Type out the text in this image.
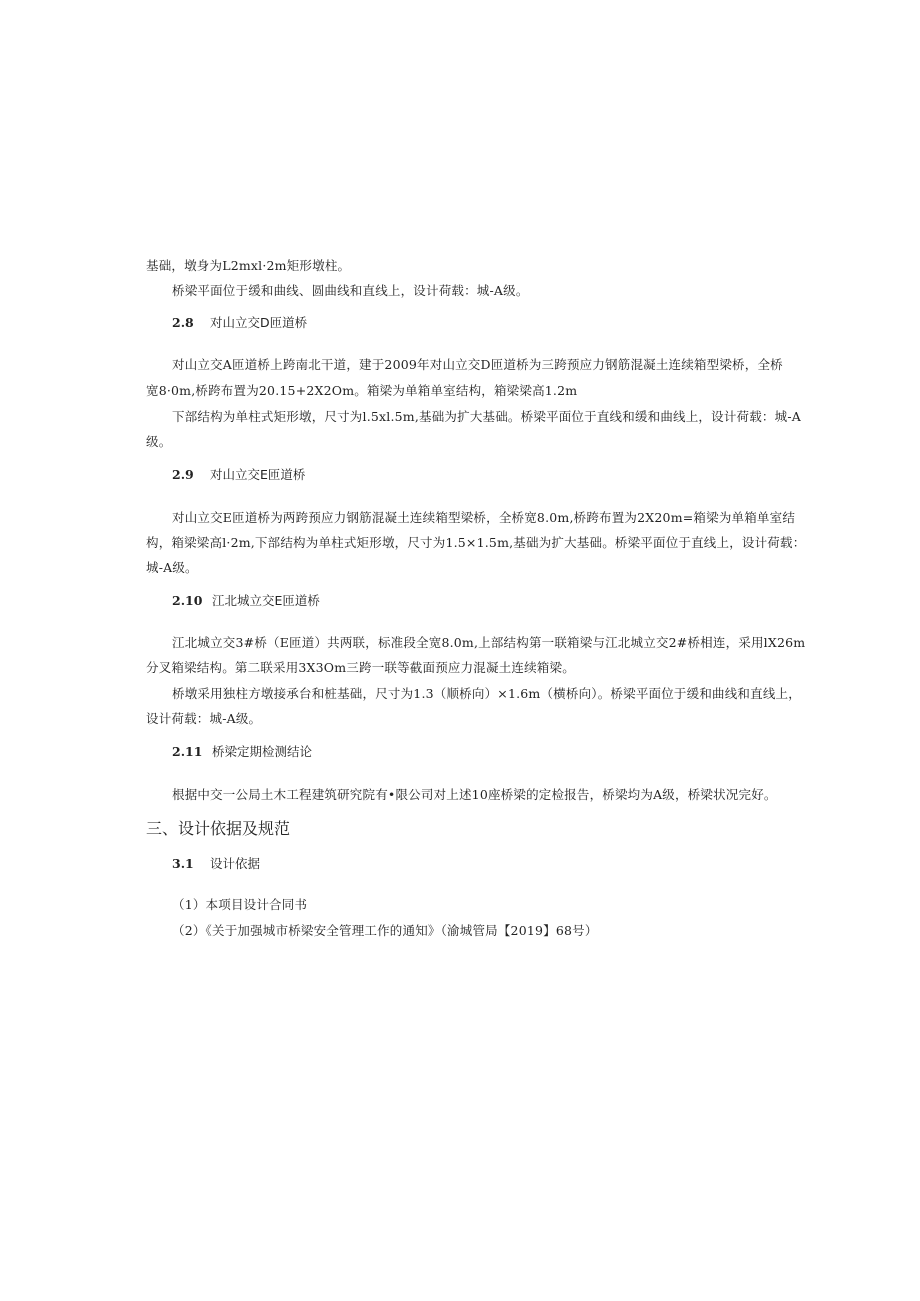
基础，墩身为L2mxl·2m矩形墩柱。
桥梁平面位于缓和曲线、圆曲线和直线上，设计荷载：城-A级。
2.8 对山立交D匝道桥
对山立交A匝道桥上跨南北干道，建于2009年对山立交D匝道桥为三跨预应力钢筋混凝土连续箱型梁桥，全桥
宽8·0m,桥跨布置为20.15+2X2Om。箱梁为单箱单室结构，箱梁梁高1.2m
下部结构为单柱式矩形墩，尺寸为l.5xl.5m,基础为扩大基础。桥梁平面位于直线和缓和曲线上，设计荷载：城-A
级。
2.9 对山立交E匝道桥
对山立交E匝道桥为两跨预应力钢筋混凝土连续箱型梁桥，全桥宽8.0m,桥跨布置为2X20m=箱梁为单箱单室结
构，箱梁梁高l·2m,下部结构为单柱式矩形墩，尺寸为1.5×1.5m,基础为扩大基础。桥梁平面位于直线上，设计荷载：
城-A级。
2.10 江北城立交E匝道桥
江北城立交3#桥（E匝道）共两联，标准段全宽8.0m,上部结构第一联箱梁与江北城立交2#桥相连，采用lX26m
分叉箱梁结构。第二联采用3X3Om三跨一联等截面预应力混凝土连续箱梁。
桥墩采用独柱方墩接承台和桩基础，尺寸为1.3（顺桥向）×1.6m（横桥向）。桥梁平面位于缓和曲线和直线上，
设计荷载：城-A级。
2.11 桥梁定期检测结论
根据中交一公局土木工程建筑研究院有•限公司对上述10座桥梁的定检报告，桥梁均为A级，桥梁状况完好。
三、设计依据及规范
3.1 设计依据
（1）本项目设计合同书
（2）《关于加强城市桥梁安全管理工作的通知》（渝城管局【2019】68号）
